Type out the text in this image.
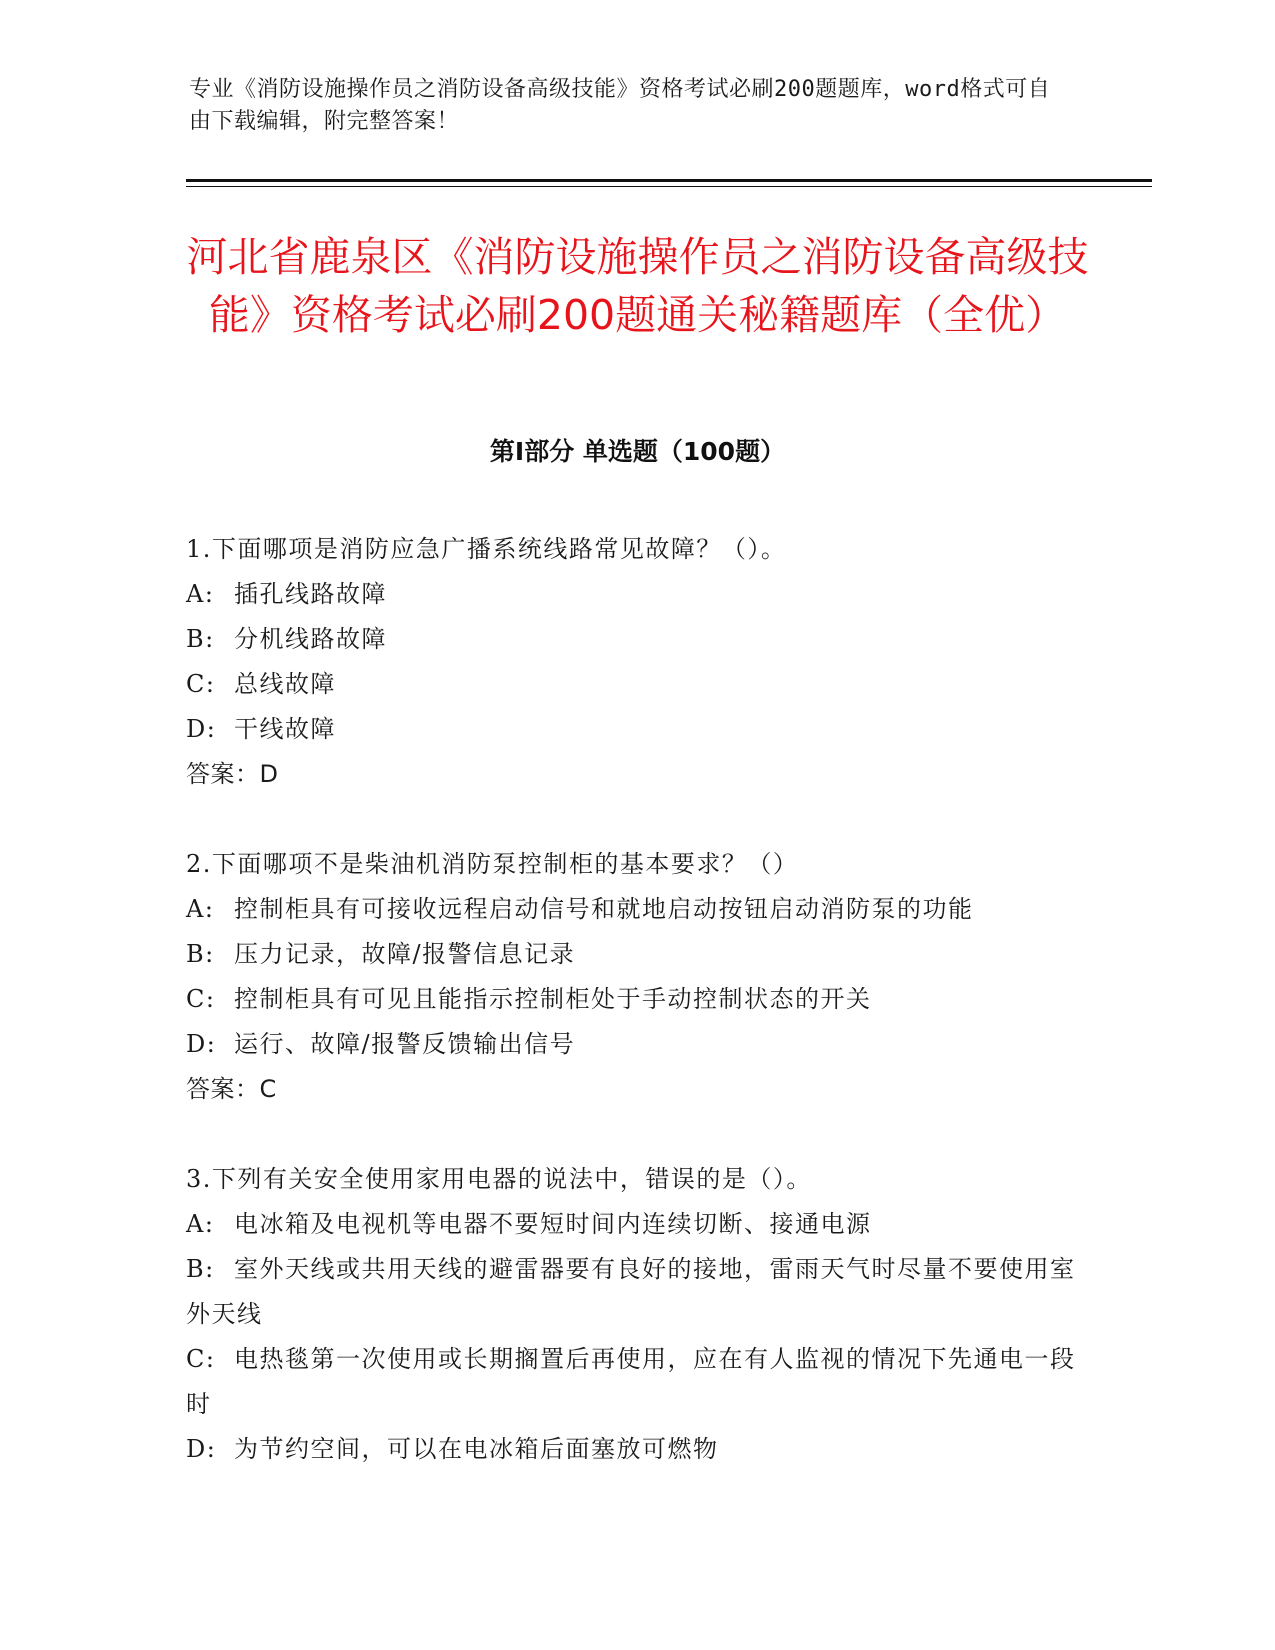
专业《消防设施操作员之消防设备高级技能》资格考试必刷200题题库，word格式可自由下载编辑，附完整答案！
河北省鹿泉区《消防设施操作员之消防设备高级技能》资格考试必刷200题通关秘籍题库（全优）
第Ⅰ部分 单选题（100题）
1.下面哪项是消防应急广播系统线路常见故障？（）。
A: 插孔线路故障
B: 分机线路故障
C: 总线故障
D: 干线故障
答案：D
2.下面哪项不是柴油机消防泵控制柜的基本要求？（）
A: 控制柜具有可接收远程启动信号和就地启动按钮启动消防泵的功能
B: 压力记录，故障/报警信息记录
C: 控制柜具有可见且能指示控制柜处于手动控制状态的开关
D: 运行、故障/报警反馈输出信号
答案：C
3.下列有关安全使用家用电器的说法中，错误的是（）。
A: 电冰箱及电视机等电器不要短时间内连续切断、接通电源
B: 室外天线或共用天线的避雷器要有良好的接地，雷雨天气时尽量不要使用室外天线
C: 电热毯第一次使用或长期搁置后再使用，应在有人监视的情况下先通电一段时
D: 为节约空间，可以在电冰箱后面塞放可燃物
